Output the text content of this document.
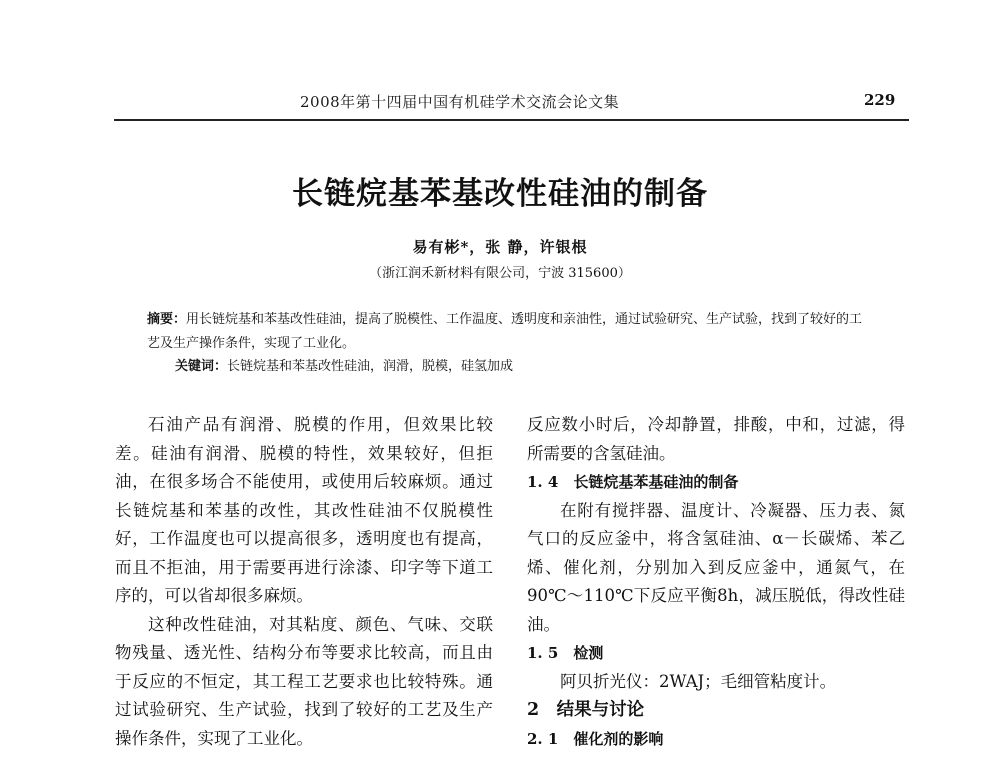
2008年第十四届中国有机硅学术交流会论文集	229
长链烷基苯基改性硅油的制备
易有彬*，张 静，许银根
（浙江润禾新材料有限公司，宁波 315600）
摘要：用长链烷基和苯基改性硅油，提高了脱模性、工作温度、透明度和亲油性，通过试验研究、生产试验，找到了较好的工艺及生产操作条件，实现了工业化。
关键词：长链烷基和苯基改性硅油，润滑，脱模，硅氢加成

石油产品有润滑、脱模的作用，但效果比较差。硅油有润滑、脱模的特性，效果较好，但拒油，在很多场合不能使用，或使用后较麻烦。通过长链烷基和苯基的改性，其改性硅油不仅脱模性好，工作温度也可以提高很多，透明度也有提高，而且不拒油，用于需要再进行涂漆、印字等下道工序的，可以省却很多麻烦。

这种改性硅油，对其粘度、颜色、气味、交联物残量、透光性、结构分布等要求比较高，而且由于反应的不恒定，其工程工艺要求也比较特殊。通过试验研究、生产试验，找到了较好的工艺及生产操作条件，实现了工业化。

反应数小时后，冷却静置，排酸，中和，过滤，得所需要的含氢硅油。

1. 4　长链烷基苯基硅油的制备

在附有搅拌器、温度计、冷凝器、压力表、氮气口的反应釜中，将含氢硅油、α－长碳烯、苯乙烯、催化剂，分别加入到反应釜中，通氮气，在90℃～110℃下反应平衡8h，减压脱低，得改性硅油。

1. 5　检测

阿贝折光仪：2WAJ；毛细管粘度计。

2　结果与讨论

2. 1　催化剂的影响
